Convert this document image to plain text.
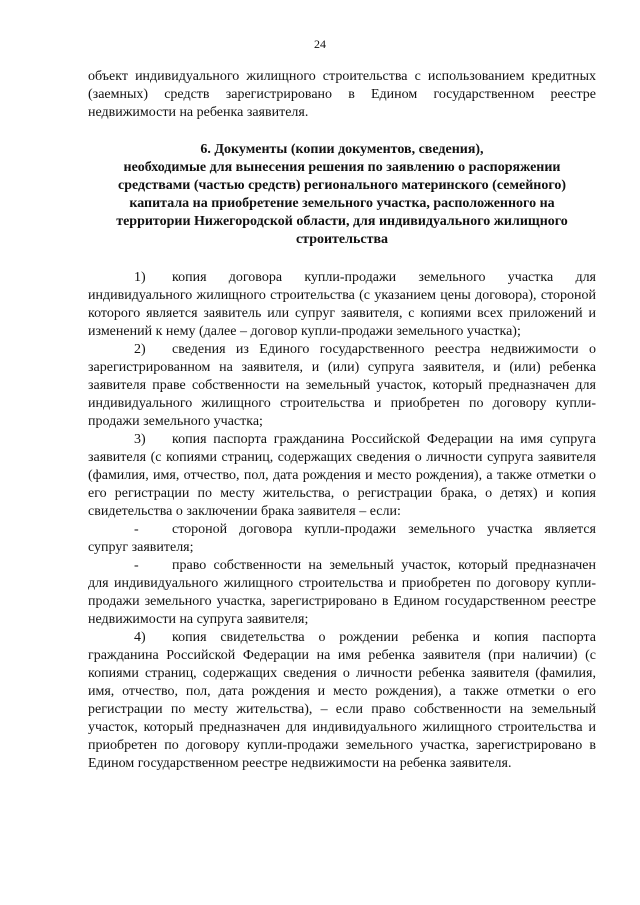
24

объект индивидуального жилищного строительства с использованием кредитных (заемных) средств зарегистрировано в Едином государственном реестре недвижимости на ребенка заявителя.

6. Документы (копии документов, сведения),
необходимые для вынесения решения по заявлению о распоряжении
средствами (частью средств) регионального материнского (семейного)
капитала на приобретение земельного участка, расположенного на
территории Нижегородской области, для индивидуального жилищного
строительства

1) копия договора купли-продажи земельного участка для индивидуального жилищного строительства (с указанием цены договора), стороной которого является заявитель или супруг заявителя, с копиями всех приложений и изменений к нему (далее – договор купли-продажи земельного участка);

2) сведения из Единого государственного реестра недвижимости о зарегистрированном на заявителя, и (или) супруга заявителя, и (или) ребенка заявителя праве собственности на земельный участок, который предназначен для индивидуального жилищного строительства и приобретен по договору купли-продажи земельного участка;

3) копия паспорта гражданина Российской Федерации на имя супруга заявителя (с копиями страниц, содержащих сведения о личности супруга заявителя (фамилия, имя, отчество, пол, дата рождения и место рождения), а также отметки о его регистрации по месту жительства, о регистрации брака, о детях) и копия свидетельства о заключении брака заявителя – если:

- стороной договора купли-продажи земельного участка является супруг заявителя;

- право собственности на земельный участок, который предназначен для индивидуального жилищного строительства и приобретен по договору купли-продажи земельного участка, зарегистрировано в Едином государственном реестре недвижимости на супруга заявителя;

4) копия свидетельства о рождении ребенка и копия паспорта гражданина Российской Федерации на имя ребенка заявителя (при наличии) (с копиями страниц, содержащих сведения о личности ребенка заявителя (фамилия, имя, отчество, пол, дата рождения и место рождения), а также отметки о его регистрации по месту жительства), – если право собственности на земельный участок, который предназначен для индивидуального жилищного строительства и приобретен по договору купли-продажи земельного участка, зарегистрировано в Едином государственном реестре недвижимости на ребенка заявителя.
